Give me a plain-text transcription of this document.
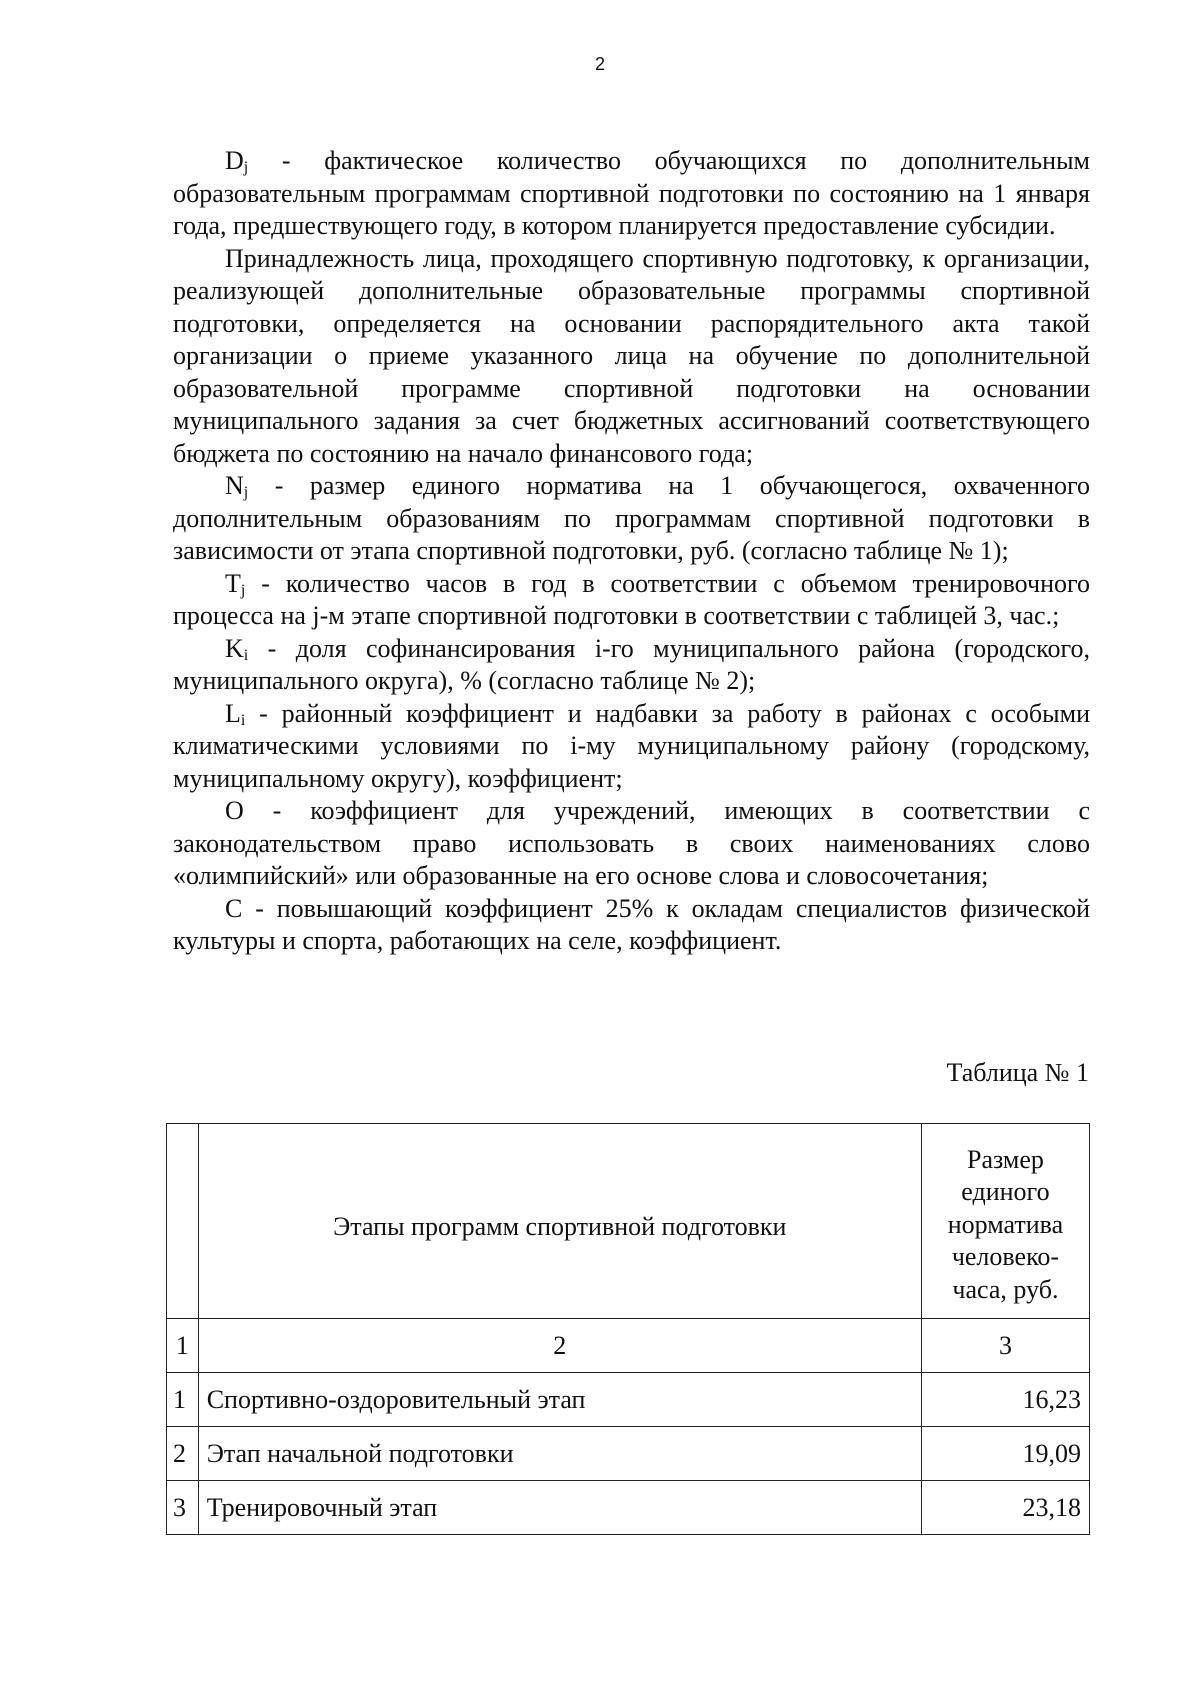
2

Dj - фактическое количество обучающихся по дополнительным образовательным программам спортивной подготовки по состоянию на 1 января года, предшествующего году, в котором планируется предоставление субсидии.

Принадлежность лица, проходящего спортивную подготовку, к организации, реализующей дополнительные образовательные программы спортивной подготовки, определяется на основании распорядительного акта такой организации о приеме указанного лица на обучение по дополнительной образовательной программе спортивной подготовки на основании муниципального задания за счет бюджетных ассигнований соответствующего бюджета по состоянию на начало финансового года;

Nj - размер единого норматива на 1 обучающегося, охваченного дополнительным образованиям по программам спортивной подготовки в зависимости от этапа спортивной подготовки, руб. (согласно таблице № 1);

Tj - количество часов в год в соответствии с объемом тренировочного процесса на j-м этапе спортивной подготовки в соответствии с таблицей 3, час.;

Ki - доля софинансирования i-го муниципального района (городского, муниципального округа), % (согласно таблице № 2);

Li - районный коэффициент и надбавки за работу в районах с особыми климатическими условиями по i-му муниципальному району (городскому, муниципальному округу), коэффициент;

О - коэффициент для учреждений, имеющих в соответствии с законодательством право использовать в своих наименованиях слово «олимпийский» или образованные на его основе слова и словосочетания;

С - повышающий коэффициент 25% к окладам специалистов физической культуры и спорта, работающих на селе, коэффициент.

Таблица № 1
	Этапы программ спортивной подготовки	Размер
единого
норматива
человеко-
часа, руб.

1	2	3
1	Спортивно-оздоровительный этап	16,23
2	Этап начальной подготовки	19,09
3	Тренировочный этап	23,18
